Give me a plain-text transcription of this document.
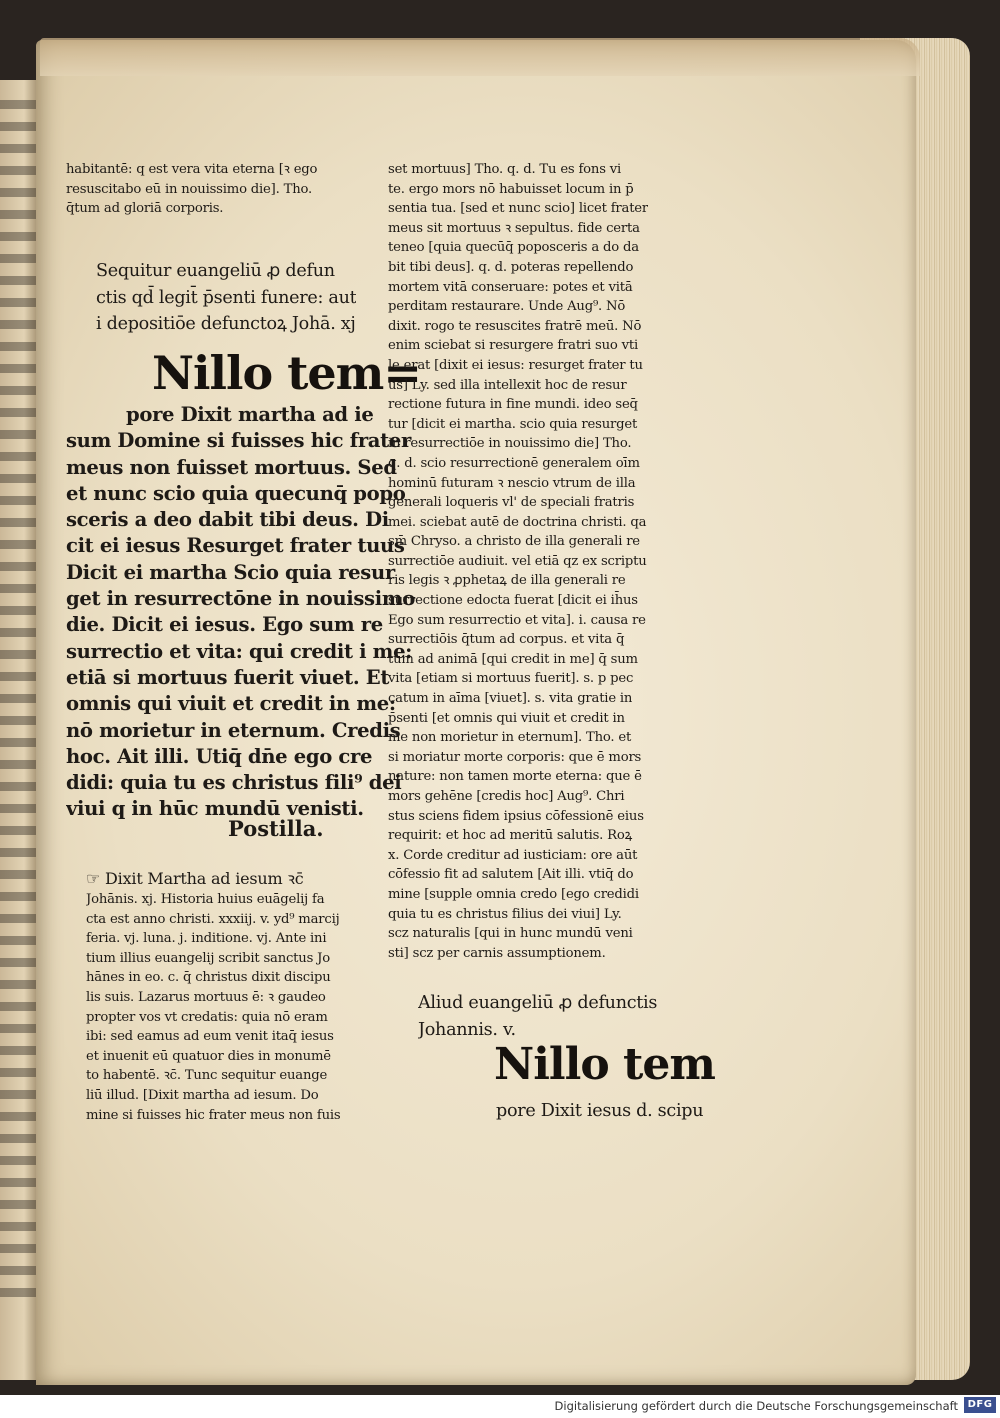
habitantē: q est vera vita eterna [ꝛ ego
resuscitabo eū in nouissimo die]. Tho.
q̄tum ad gloriā corporis.
Sequitur euangeliū ꝓ defun
ctis qd̄ legit̄ p̄senti funere: aut
i depositiōe defunctoꝝ Johā. xj
Nillo tem=
pore Dixit martha ad ie
sum Domine si fuisses hic frater
meus non fuisset mortuus. Sed
et nunc scio quia quecunq̄ popo
sceris a deo dabit tibi deus. Di
cit ei iesus Resurget frater tuus
Dicit ei martha Scio quia resur
get in resurrectōne in nouissimo
die. Dicit ei iesus. Ego sum re
surrectio et vita: qui credit i me:
etiā si mortuus fuerit viuet. Et
omnis qui viuit et credit in me:
nō morietur in eternum. Credis
hoc. Ait illi. Utiq̄ dn̄e ego cre
didi: quia tu es christus fili⁹ dei
viui q in hūc mundū venisti.
Postilla.
☞ Dixit Martha ad iesum ꝛc̄
Johānis. xj. Historia huius euāgelij fa
cta est anno christi. xxxiij. v. yd⁹ marcij
feria. vj. luna. j. inditione. vj. Ante ini
tium illius euangelij scribit sanctus Jo
hānes in eo. c. q̄ christus dixit discipu
lis suis. Lazarus mortuus ē: ꝛ gaudeo
propter vos vt credatis: quia nō eram
ibi: sed eamus ad eum venit itaq̄ iesus
et inuenit eū quatuor dies in monumē
to habentē. ꝛc̄. Tunc sequitur euange
liū illud. [Dixit martha ad iesum. Do
mine si fuisses hic frater meus non fuis
set mortuus] Tho. q. d. Tu es fons vi
te. ergo mors nō habuisset locum in p̄
sentia tua. [sed et nunc scio] licet frater
meus sit mortuus ꝛ sepultus. fide certa
teneo [quia quecūq̄ poposceris a do da
bit tibi deus]. q. d. poteras repellendo
mortem vitā conseruare: potes et vitā
perditam restaurare. Unde Aug⁹. Nō
dixit. rogo te resuscites fratrē meū. Nō
enim sciebat si resurgere fratri suo vti
le erat [dixit ei iesus: resurget frater tu
us] Ly. sed illa intellexit hoc de resur
rectione futura in fine mundi. ideo seq̄
tur [dicit ei martha. scio quia resurget
in resurrectiōe in nouissimo die] Tho.
q. d. scio resurrectionē generalem oīm
hominū futuram ꝛ nescio vtrum de illa
generali loqueris vl' de speciali fratris
mei. sciebat autē de doctrina christi. qa
sm̄ Chryso. a christo de illa generali re
surrectiōe audiuit. vel etiā qz ex scriptu
ris legis ꝛ ꝓphetaꝝ de illa generali re
surrectione edocta fuerat [dicit ei ih̄us
Ego sum resurrectio et vita]. i. causa re
surrectiōis q̄tum ad corpus. et vita q̄
tum ad animā [qui credit in me] q̄ sum
vita [etiam si mortuus fuerit]. s. p pec
catum in aīma [viuet]. s. vita gratie in
p̄senti [et omnis qui viuit et credit in
me non morietur in eternum]. Tho. et
si moriatur morte corporis: que ē mors
nature: non tamen morte eterna: que ē
mors gehēne [credis hoc] Aug⁹. Chri
stus sciens fidem ipsius cōfessionē eius
requirit: et hoc ad meritū salutis. Roꝝ
x. Corde creditur ad iusticiam: ore aūt
cōfessio fit ad salutem [Ait illi. vtiq̄ do
mine [supple omnia credo [ego credidi
quia tu es christus filius dei viui] Ly.
scz naturalis [qui in hunc mundū veni
sti] scz per carnis assumptionem.
Aliud euangeliū ꝓ defunctis
Johannis. v.
Nillo tem
pore Dixit iesus d. scipu
Digitalisierung gefördert durch die Deutsche Forschungsgemeinschaft DFG
